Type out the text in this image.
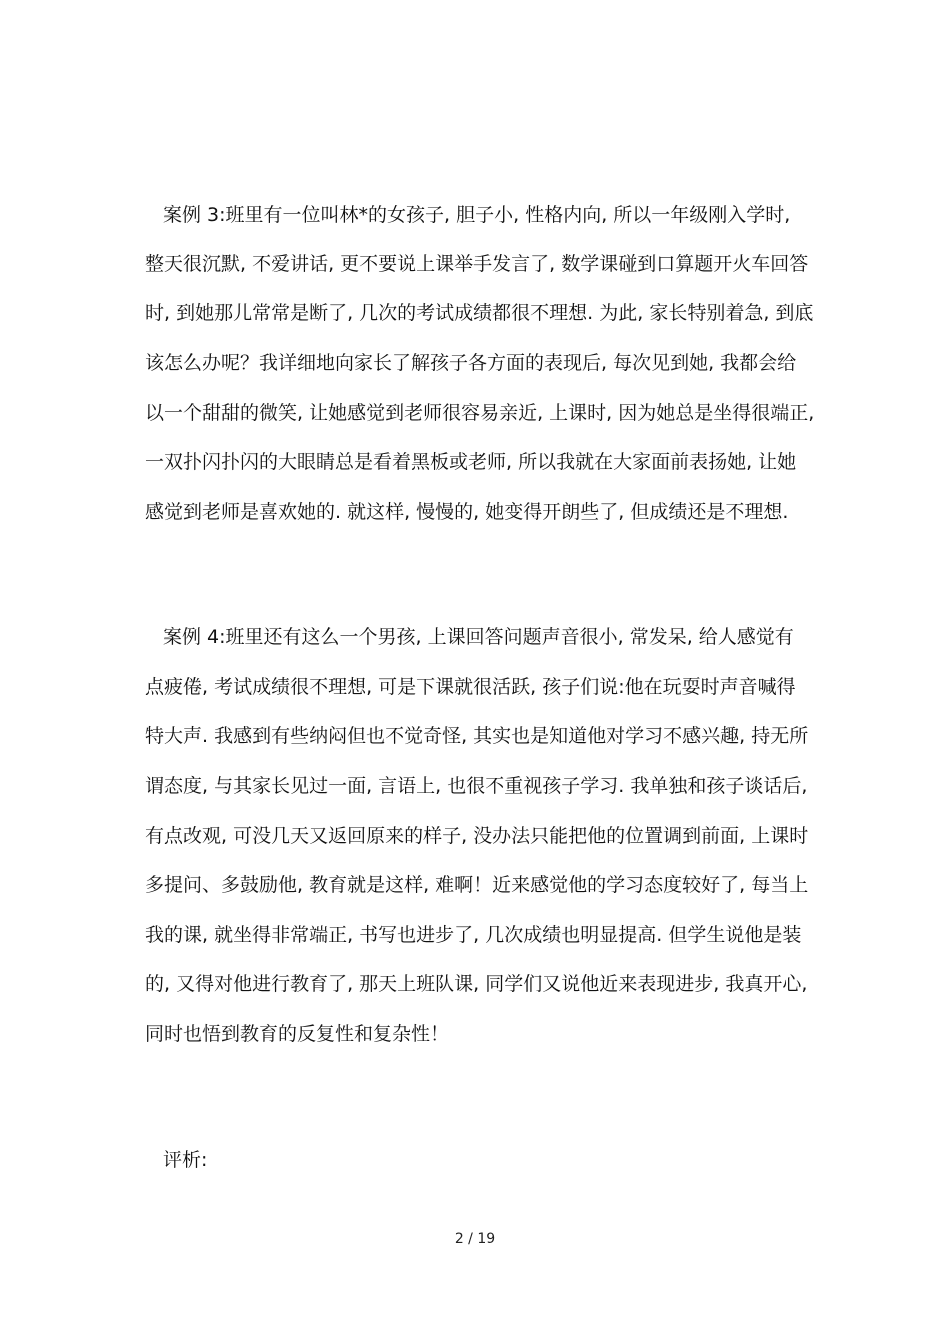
案例 3:班里有一位叫林*的女孩子, 胆子小, 性格内向, 所以一年级刚入学时,
整天很沉默, 不爱讲话, 更不要说上课举手发言了, 数学课碰到口算题开火车回答
时, 到她那儿常常是断了, 几次的考试成绩都很不理想. 为此, 家长特别着急, 到底
该怎么办呢？我详细地向家长了解孩子各方面的表现后, 每次见到她, 我都会给
以一个甜甜的微笑, 让她感觉到老师很容易亲近, 上课时, 因为她总是坐得很端正,
一双扑闪扑闪的大眼睛总是看着黑板或老师, 所以我就在大家面前表扬她, 让她
感觉到老师是喜欢她的. 就这样, 慢慢的, 她变得开朗些了, 但成绩还是不理想.
案例 4:班里还有这么一个男孩, 上课回答问题声音很小, 常发呆, 给人感觉有
点疲倦, 考试成绩很不理想, 可是下课就很活跃, 孩子们说:他在玩耍时声音喊得
特大声. 我感到有些纳闷但也不觉奇怪, 其实也是知道他对学习不感兴趣, 持无所
谓态度, 与其家长见过一面, 言语上, 也很不重视孩子学习. 我单独和孩子谈话后,
有点改观, 可没几天又返回原来的样子, 没办法只能把他的位置调到前面, 上课时
多提问、多鼓励他, 教育就是这样, 难啊！近来感觉他的学习态度较好了, 每当上
我的课, 就坐得非常端正, 书写也进步了, 几次成绩也明显提高. 但学生说他是装
的, 又得对他进行教育了, 那天上班队课, 同学们又说他近来表现进步, 我真开心,
同时也悟到教育的反复性和复杂性！
评析:
2 / 19
